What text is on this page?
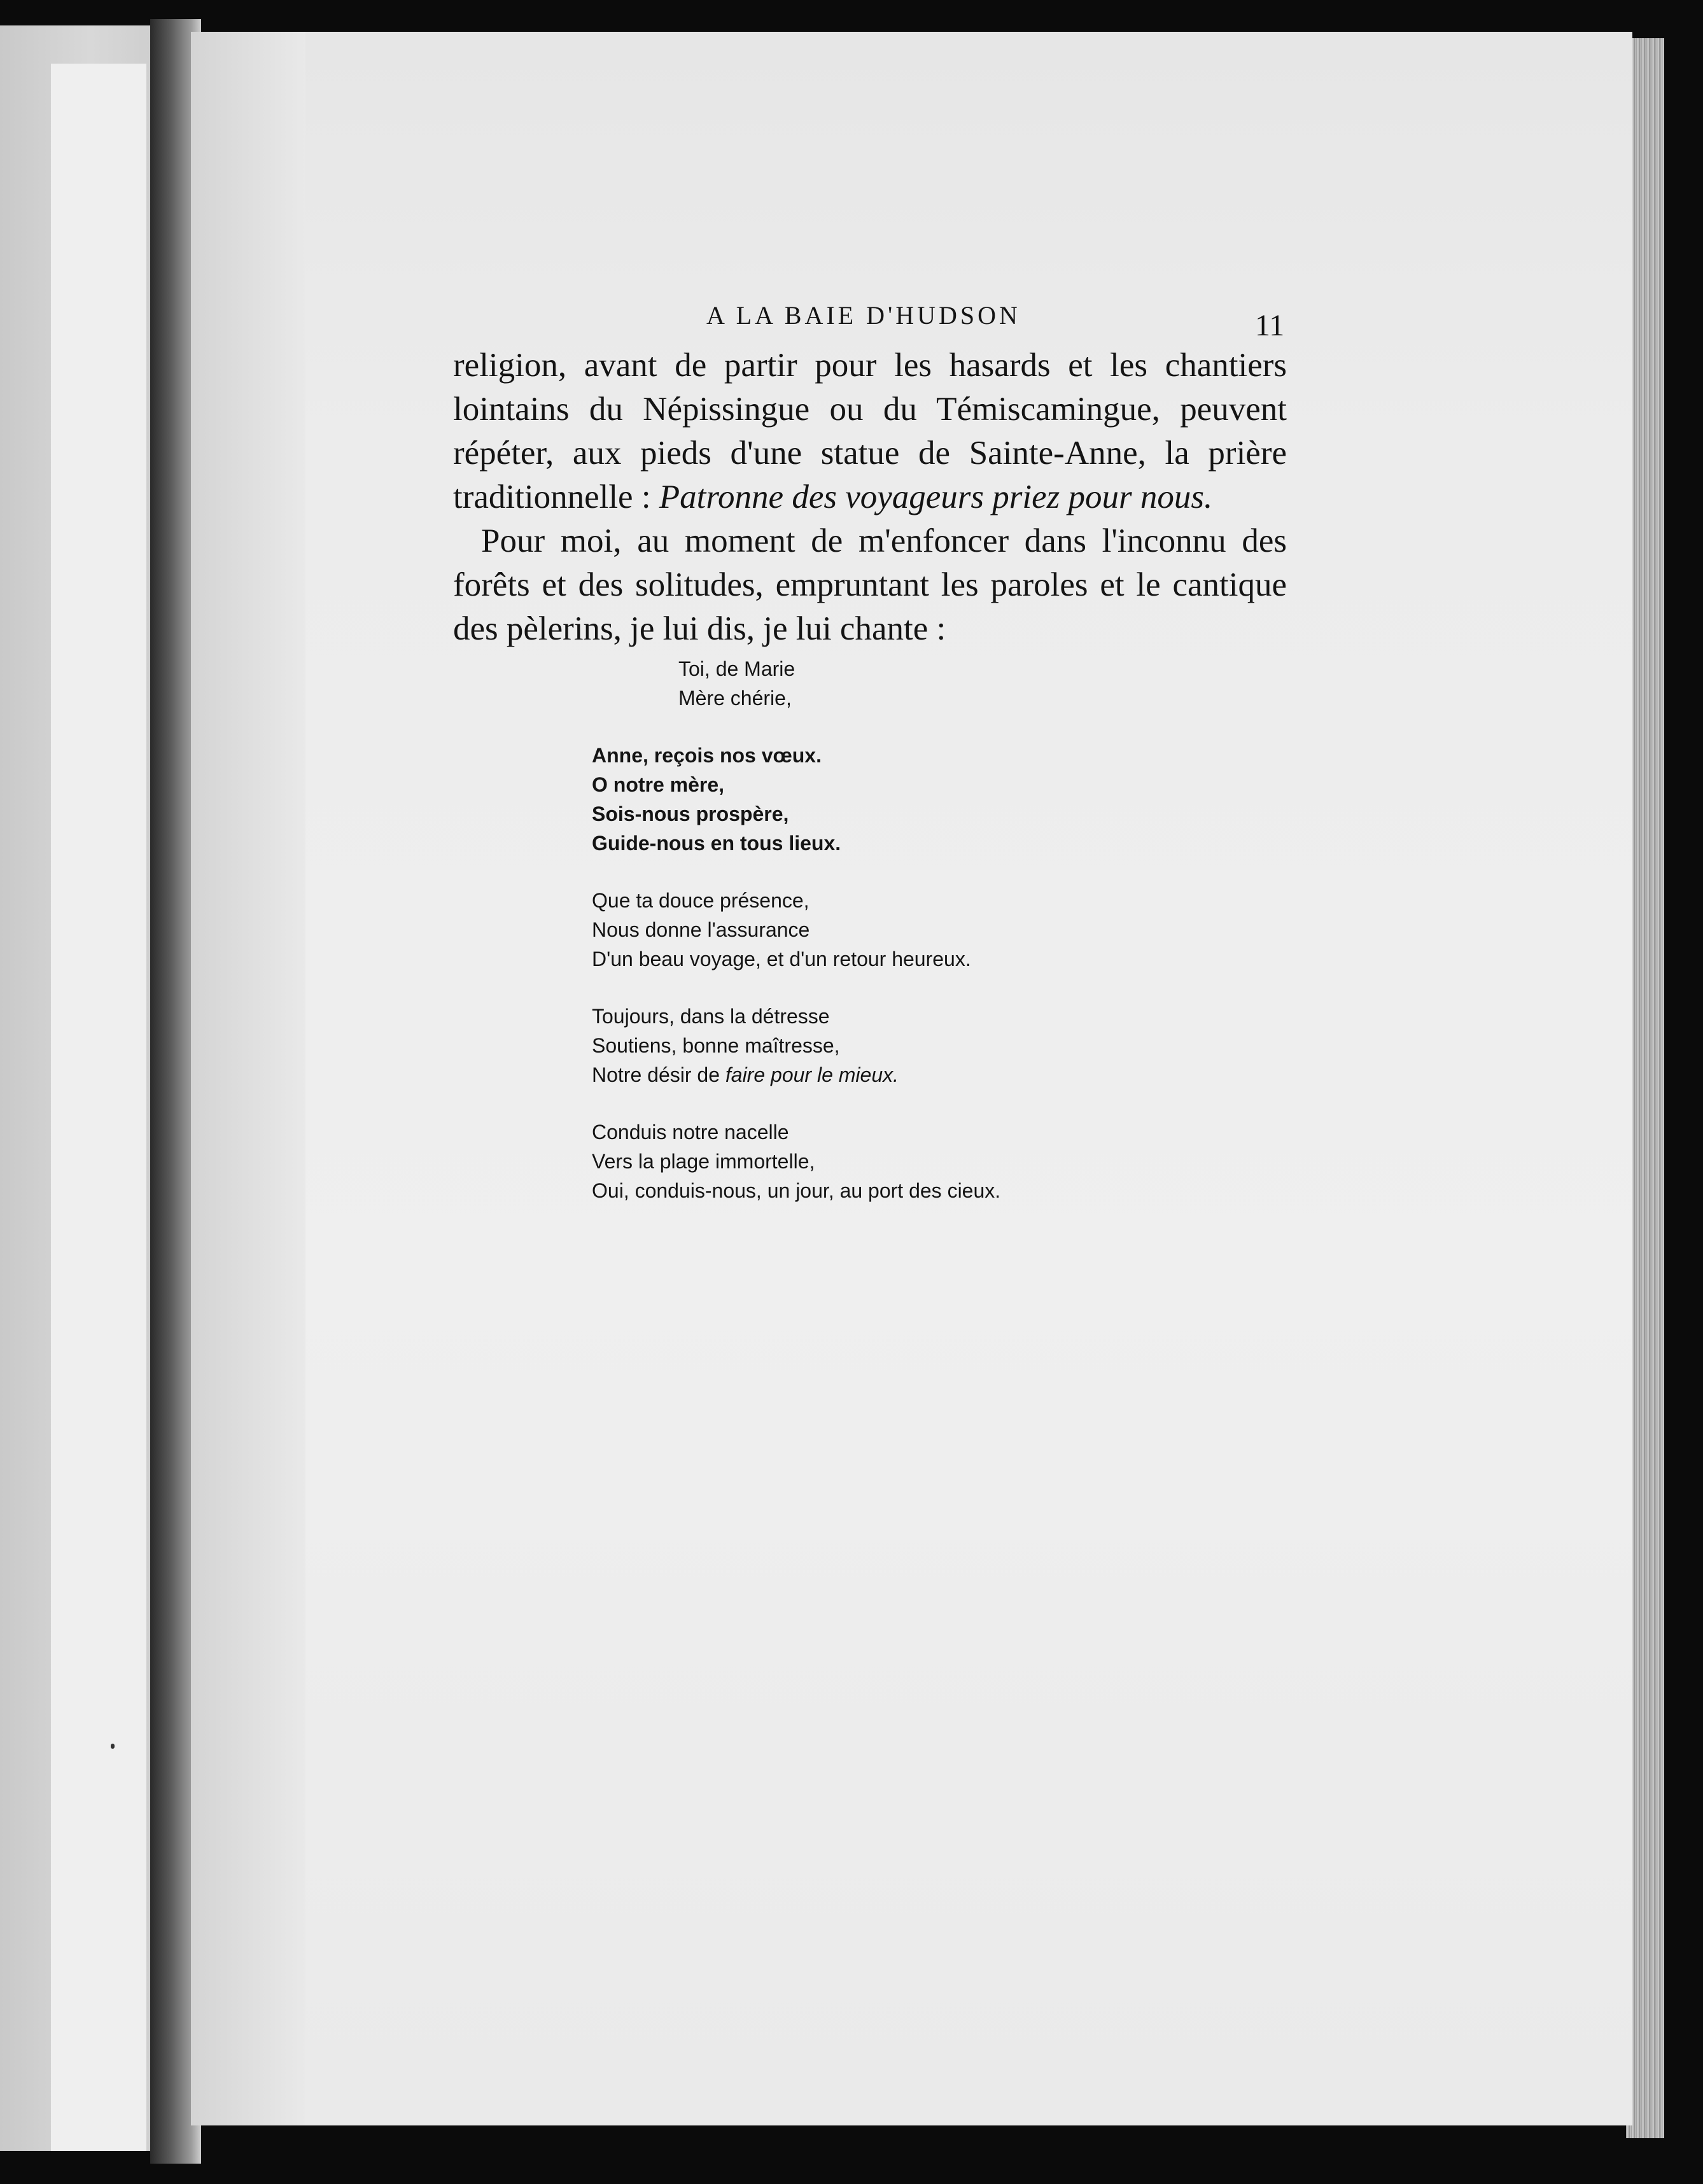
A LA BAIE D'HUDSON	11
religion, avant de partir pour les hasards et les chantiers
lointains du Népissingue ou du Témiscamingue, peuvent
répéter, aux pieds d'une statue de Sainte-Anne, la prière
traditionnelle : Patronne des voyageurs priez pour nous.
Pour moi, au moment de m'enfoncer dans l'inconnu des
forêts et des solitudes, empruntant les paroles et le cantique
des pèlerins, je lui dis, je lui chante :
Toi, de Marie
Mère chérie,
Anne, reçois nos vœux.
O notre mère,
Sois-nous prospère,
Guide-nous en tous lieux.
Que ta douce présence,
Nous donne l'assurance
D'un beau voyage, et d'un retour heureux.
Toujours, dans la détresse
Soutiens, bonne maîtresse,
Notre désir de faire pour le mieux.
Conduis notre nacelle
Vers la plage immortelle,
Oui, conduis-nous, un jour, au port des cieux.
